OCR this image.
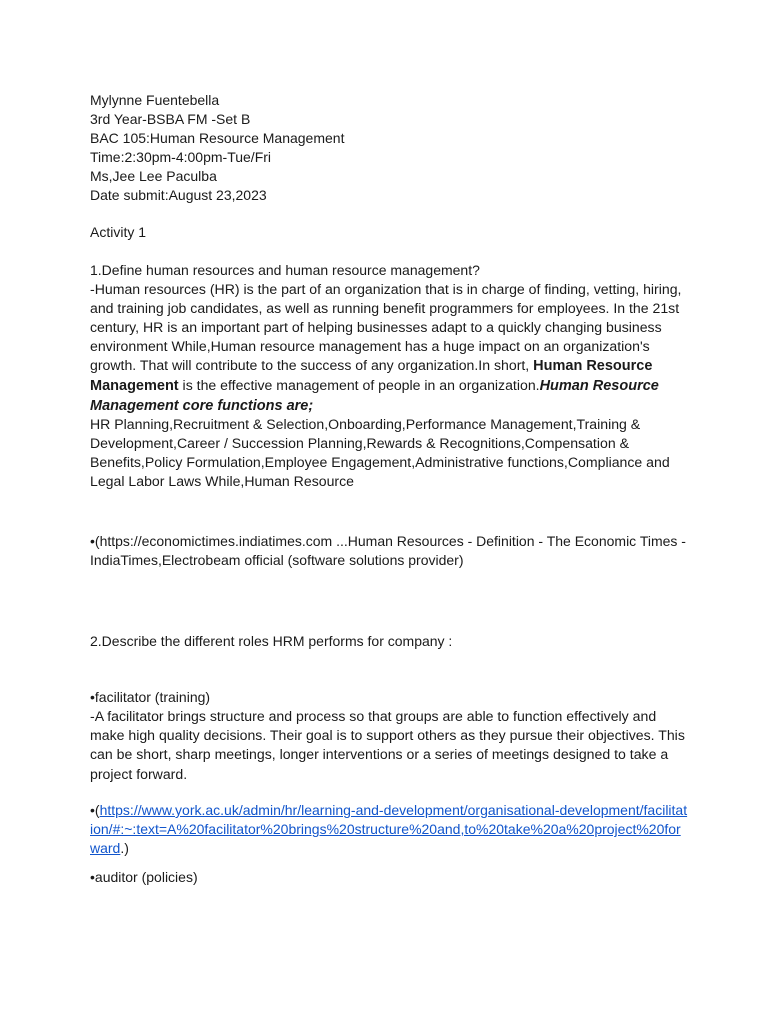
Mylynne Fuentebella
3rd Year-BSBA FM -Set B
BAC 105:Human Resource Management
Time:2:30pm-4:00pm-Tue/Fri
Ms,Jee Lee Paculba
Date submit:August 23,2023
Activity 1
1.Define human resources and human resource management?
-Human resources (HR) is the part of an organization that is in charge of finding, vetting, hiring, and training job candidates, as well as running benefit programmers for employees. In the 21st century, HR is an important part of helping businesses adapt to a quickly changing business environment While,Human resource management has a huge impact on an organization's growth. That will contribute to the success of any organization.In short, Human Resource Management is the effective management of people in an organization.Human Resource Management core functions are;
HR Planning,Recruitment & Selection,Onboarding,Performance Management,Training & Development,Career / Succession Planning,Rewards & Recognitions,Compensation & Benefits,Policy Formulation,Employee Engagement,Administrative functions,Compliance and Legal Labor Laws While,Human Resource
•(https://economictimes.indiatimes.com ...Human Resources - Definition - The Economic Times - IndiaTimes,Electrobeam official (software solutions provider)
2.Describe the different roles HRM performs for company :
•facilitator (training)
-A facilitator brings structure and process so that groups are able to function effectively and make high quality decisions. Their goal is to support others as they pursue their objectives. This can be short, sharp meetings, longer interventions or a series of meetings designed to take a project forward.
•(https://www.york.ac.uk/admin/hr/learning-and-development/organisational-development/facilitation/#:~:text=A%20facilitator%20brings%20structure%20and,to%20take%20a%20project%20forward.)
•auditor (policies)
